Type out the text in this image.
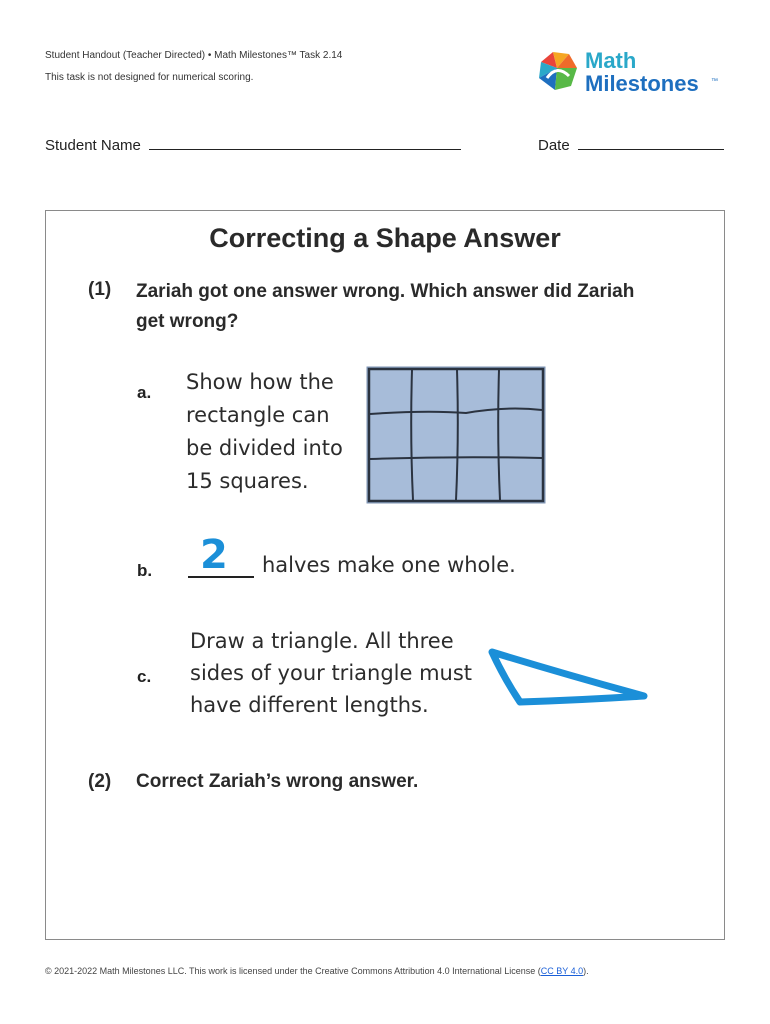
Student Handout (Teacher Directed) • Math Milestones™ Task 2.14
This task is not designed for numerical scoring.
Math
Milestones ™
Student Name	Date
Correcting a Shape Answer
(1) Zariah got one answer wrong. Which answer did Zariah
get wrong?
a. Show how the
rectangle can
be divided into
15 squares.
b. 2 halves make one whole.
c.
Draw a triangle. All three
sides of your triangle must
have different lengths.
(2) Correct Zariah’s wrong answer.
© 2021-2022 Math Milestones LLC. This work is licensed under the Creative Commons Attribution 4.0 International License (CC BY 4.0).
